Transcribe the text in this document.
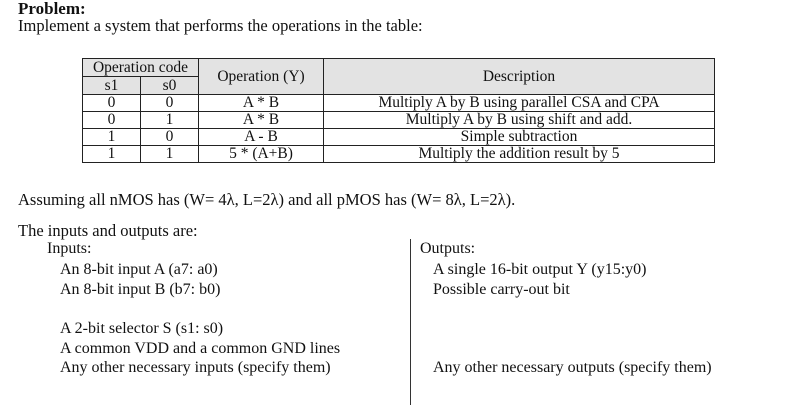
Problem:
Implement a system that performs the operations in the table:
Operation code		Operation (Y)	Description
s1	s0		
0	0	A * B	Multiply A by B using parallel CSA and CPA
0	1	A * B	Multiply A by B using shift and add.
1	0	A - B	Simple subtraction
1	1	5 * (A+B)	Multiply the addition result by 5
Assuming all nMOS has (W= 4λ, L=2λ) and all pMOS has (W= 8λ, L=2λ).
The inputs and outputs are:
Inputs:	Outputs:
An 8-bit input A (a7: a0)
An 8-bit input B (b7: b0)
A 2-bit selector S (s1: s0)
A common VDD and a common GND lines
Any other necessary inputs (specify them)
A single 16-bit output Y (y15:y0)
Possible carry-out bit
Any other necessary outputs (specify them)
